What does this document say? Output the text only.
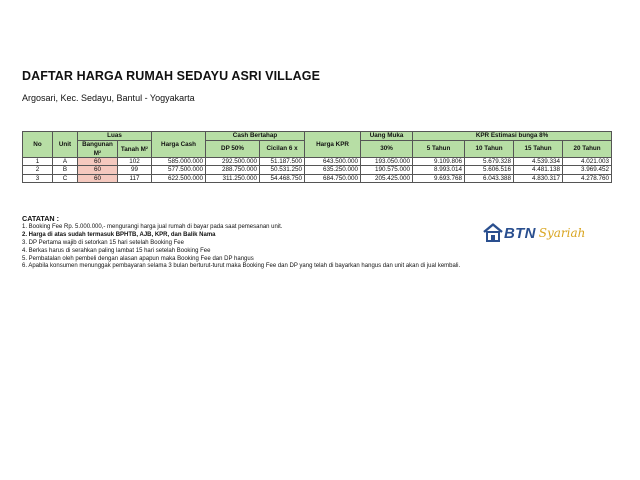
DAFTAR HARGA RUMAH SEDAYU ASRI VILLAGE
Argosari, Kec. Sedayu, Bantul - Yogyakarta
No	Unit	Luas		Harga Cash	Cash Bertahap		Harga KPR	Uang Muka	KPR Estimasi bunga 8%			
		Bangunan $M^2$	Tanah $M^2$		DP 50%	Cicilan 6 x		30%	5 Tahun	10 Tahun	15 Tahun	20 Tahun
1	A	60	102	585.000.000	292.500.000	51.187.500	643.500.000	193.050.000	9.109.806	5.679.328	4.539.334	4.021.003
2	B	60	99	577.500.000	288.750.000	50.531.250	635.250.000	190.575.000	8.993.014	5.606.516	4.481.138	3.969.452
3	C	60	117	622.500.000	311.250.000	54.468.750	684.750.000	205.425.000	9.693.768	6.043.388	4.830.317	4.278.760
CATATAN :
1. Booking Fee Rp. 5.000.000,- mengurangi harga jual rumah di bayar pada saat pemesanan unit.
2. Harga di atas sudah termasuk BPHTB, AJB, KPR, dan Balik Nama
3. DP Pertama wajib di setorkan 15 hari setelah Booking Fee
4. Berkas harus di serahkan paling lambat 15 hari setelah Booking Fee
5. Pembatalan oleh pembeli dengan alasan apapun maka Booking Fee dan DP hangus
6. Apabila konsumen menunggak pembayaran selama 3 bulan berturut-turut maka Booking Fee dan DP yang telah di bayarkan hangus dan unit akan di jual kembali.
BTN Syariah
